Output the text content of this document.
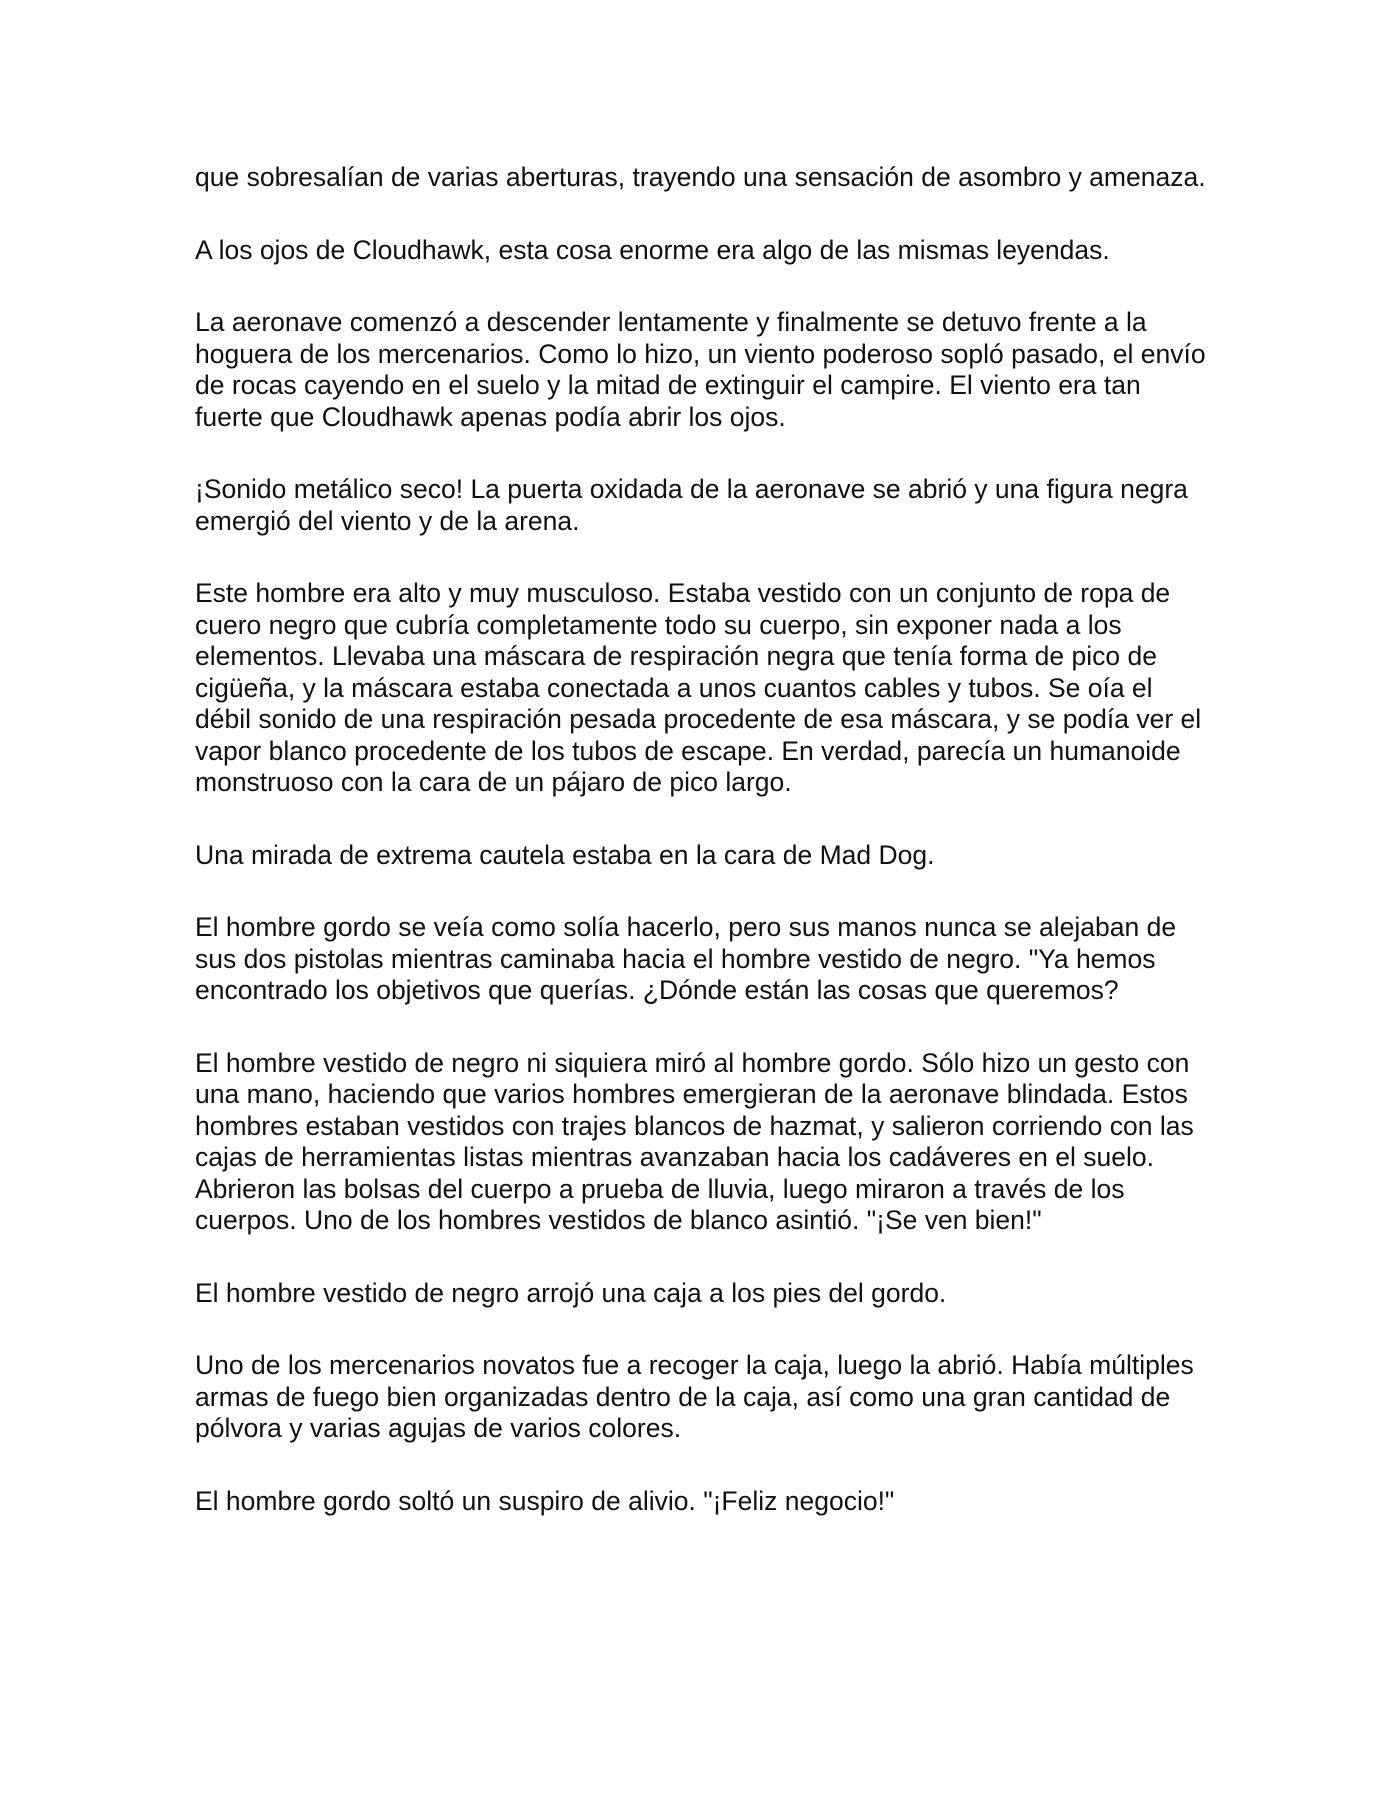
que sobresalían de varias aberturas, trayendo una sensación de asombro y amenaza.

A los ojos de Cloudhawk, esta cosa enorme era algo de las mismas leyendas.

La aeronave comenzó a descender lentamente y finalmente se detuvo frente a la hoguera de los mercenarios. Como lo hizo, un viento poderoso sopló pasado, el envío de rocas cayendo en el suelo y la mitad de extinguir el campire. El viento era tan fuerte que Cloudhawk apenas podía abrir los ojos.

¡Sonido metálico seco! La puerta oxidada de la aeronave se abrió y una figura negra emergió del viento y de la arena.

Este hombre era alto y muy musculoso. Estaba vestido con un conjunto de ropa de cuero negro que cubría completamente todo su cuerpo, sin exponer nada a los elementos. Llevaba una máscara de respiración negra que tenía forma de pico de cigüeña, y la máscara estaba conectada a unos cuantos cables y tubos. Se oía el débil sonido de una respiración pesada procedente de esa máscara, y se podía ver el vapor blanco procedente de los tubos de escape. En verdad, parecía un humanoide monstruoso con la cara de un pájaro de pico largo.

Una mirada de extrema cautela estaba en la cara de Mad Dog.

El hombre gordo se veía como solía hacerlo, pero sus manos nunca se alejaban de sus dos pistolas mientras caminaba hacia el hombre vestido de negro. "Ya hemos encontrado los objetivos que querías. ¿Dónde están las cosas que queremos?

El hombre vestido de negro ni siquiera miró al hombre gordo. Sólo hizo un gesto con una mano, haciendo que varios hombres emergieran de la aeronave blindada. Estos hombres estaban vestidos con trajes blancos de hazmat, y salieron corriendo con las cajas de herramientas listas mientras avanzaban hacia los cadáveres en el suelo. Abrieron las bolsas del cuerpo a prueba de lluvia, luego miraron a través de los cuerpos. Uno de los hombres vestidos de blanco asintió. "¡Se ven bien!"

El hombre vestido de negro arrojó una caja a los pies del gordo.

Uno de los mercenarios novatos fue a recoger la caja, luego la abrió. Había múltiples armas de fuego bien organizadas dentro de la caja, así como una gran cantidad de pólvora y varias agujas de varios colores.

El hombre gordo soltó un suspiro de alivio. "¡Feliz negocio!"
